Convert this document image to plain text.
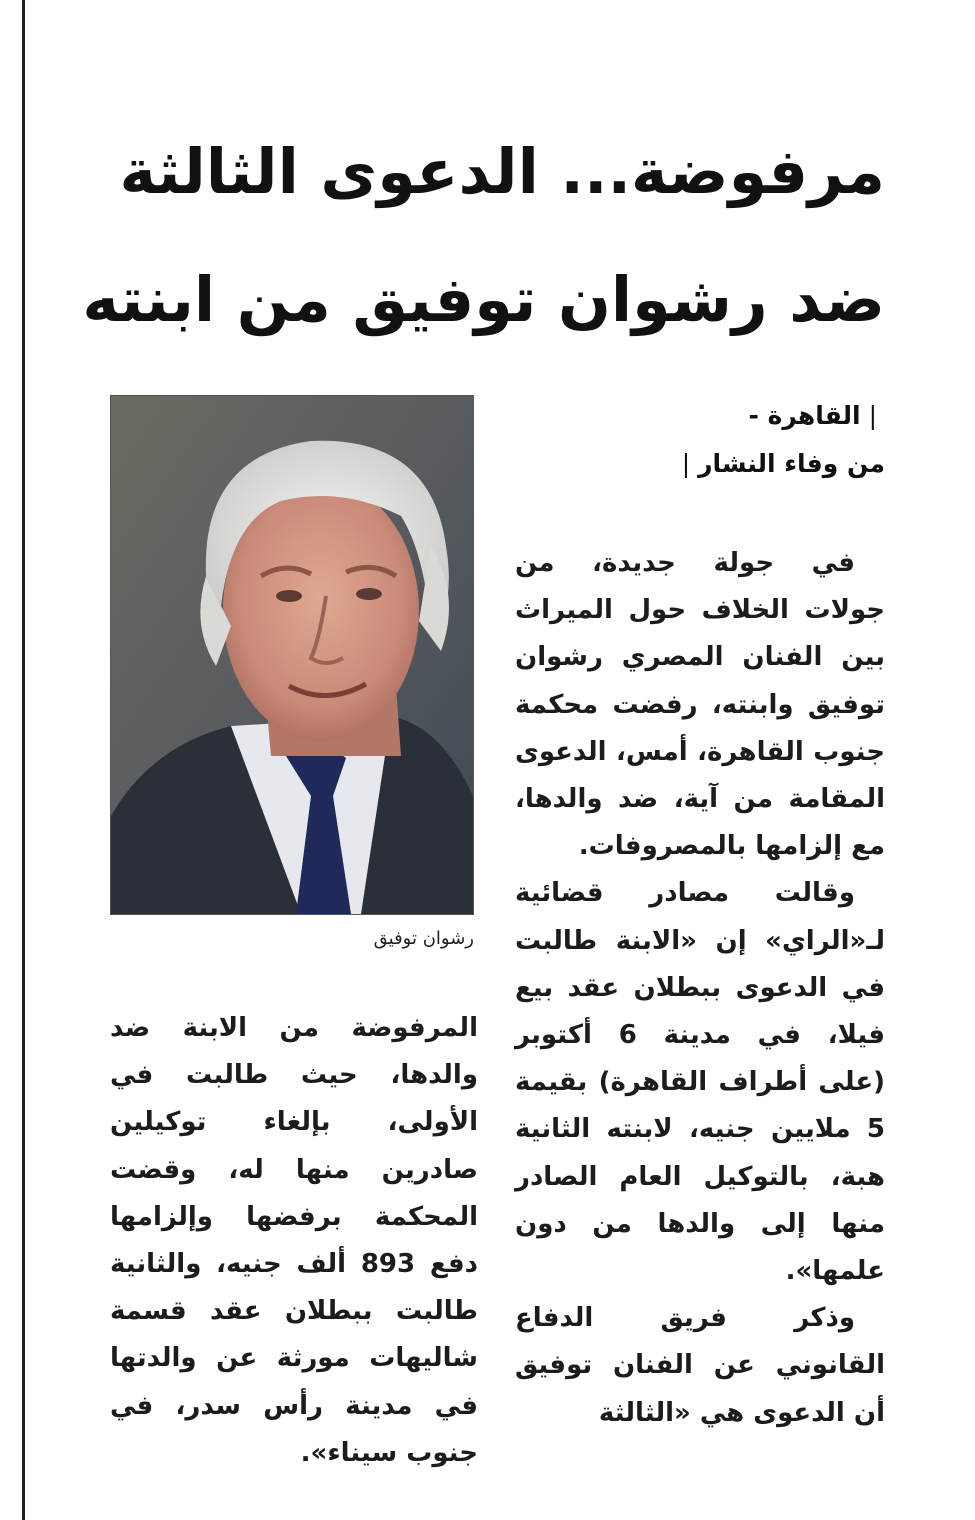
مرفوضة... الدعوى الثالثة
ضد رشوان توفيق من ابنته
|القاهرة -
من وفاء النشار|
رشوان توفيق

في جولة جديدة، من جولات الخلاف حول الميراث بين الفنان المصري رشوان توفيق وابنته، رفضت محكمة جنوب القاهرة، أمس، الدعوى المقامة من آية، ضد والدها، مع إلزامها بالمصروفات.

وقالت مصادر قضائية لـ«الراي» إن «الابنة طالبت في الدعوى ببطلان عقد بيع فيلا، في مدينة 6 أكتوبر (على أطراف القاهرة) بقيمة 5 ملايين جنيه، لابنته الثانية هبة، بالتوكيل العام الصادر منها إلى والدها من دون علمها».

وذكر فريق الدفاع القانوني عن الفنان توفيق أن الدعوى هي «الثالثة

المرفوضة من الابنة ضد والدها، حيث طالبت في الأولى، بإلغاء توكيلين صادرين منها له، وقضت المحكمة برفضها وإلزامها دفع 893 ألف جنيه، والثانية طالبت ببطلان عقد قسمة شاليهات مورثة عن والدتها في مدينة رأس سدر، في جنوب سيناء».
